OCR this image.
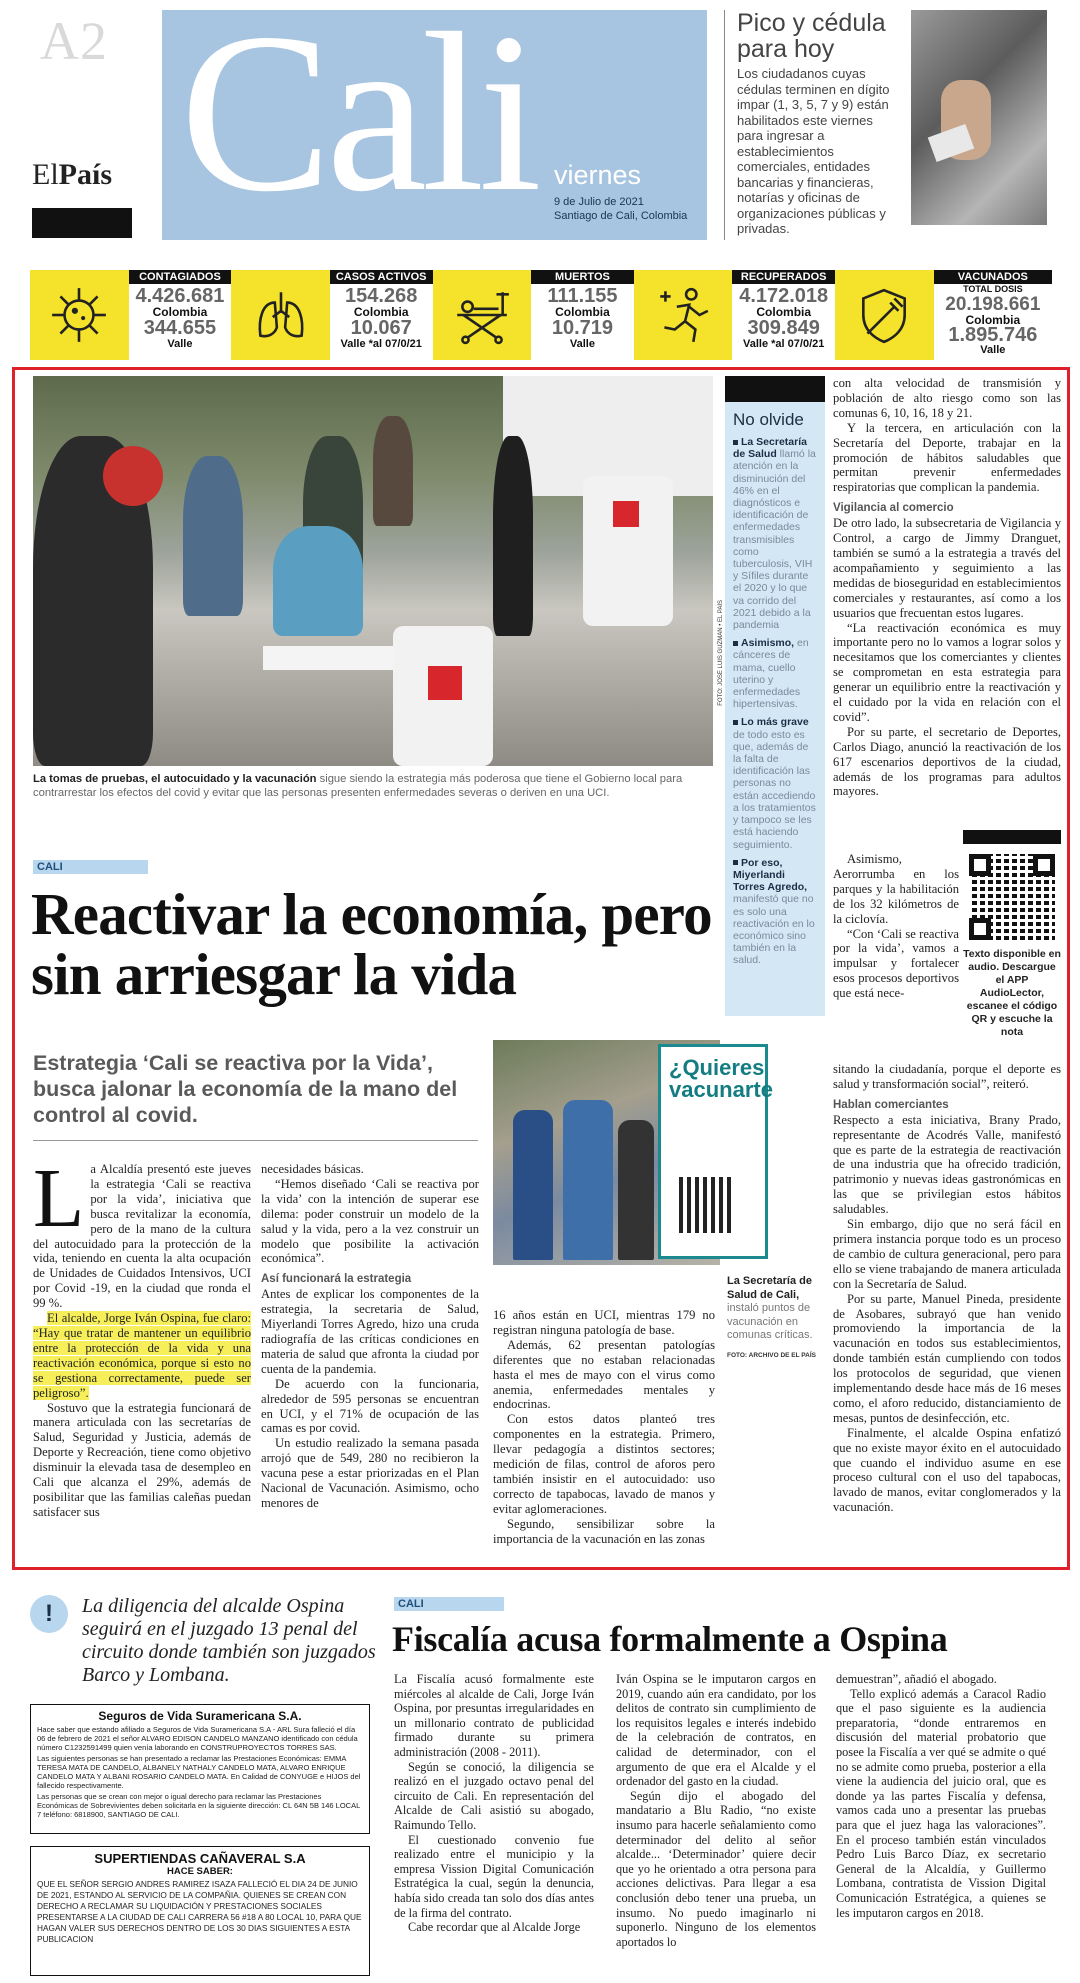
A2
ElPaís Cali viernes
9 de Julio de 2021
Santiago de Cali, Colombia
Pico y cédula para hoy

Los ciudadanos cuyas cédulas terminen en dígito impar (1, 3, 5, 7 y 9) están habilitados este viernes para ingresar a establecimientos comerciales, entidades bancarias y financieras, notarías y oficinas de organizaciones públicas y privadas.

CONTAGIADOS
4.426.681
Colombia
344.655
Valle
CASOS ACTIVOS
154.268
Colombia
10.067
Valle *al 07/0/21
MUERTOS
111.155
Colombia
10.719
Valle
RECUPERADOS
4.172.018
Colombia
309.849
Valle *al 07/0/21
VACUNADOS
TOTAL DOSIS
20.198.661
Colombia
1.895.746
Valle
FOTO: JOSÉ LUIS GUZMÁN • EL PAÍS
La tomas de pruebas, el autocuidado y la vacunación sigue siendo la estrategia más poderosa que tiene el Gobierno local para contrarrestar los efectos del covid y evitar que las personas presenten enfermedades severas o deriven en una UCI.
CALI
Reactivar la economía, pero sin arriesgar la vida
Estrategia ‘Cali se reactiva por la Vida’, busca jalonar la economía de la mano del control al covid.

La Alcaldía presentó este jueves la estrategia ‘Cali se reactiva por la vida’, iniciativa que busca revitalizar la economía, pero de la mano de la cultura del autocuidado para la protección de la vida, teniendo en cuenta la alta ocupación de Unidades de Cuidados Intensivos, UCI por Covid -19, en la ciudad que ronda el 99 %.

El alcalde, Jorge Iván Ospina, fue claro: “Hay que tratar de mantener un equilibrio entre la protección de la vida y una reactivación económica, porque si esto no se gestiona correctamente, puede ser peligroso”.

Sostuvo que la estrategia funcionará de manera articulada con las secretarías de Salud, Seguridad y Justicia, además de Deporte y Recreación, tiene como objetivo disminuir la elevada tasa de desempleo en Cali que alcanza el 29%, además de posibilitar que las familias caleñas puedan satisfacer sus

necesidades básicas.

“Hemos diseñado ‘Cali se reactiva por la vida’ con la intención de superar ese dilema: poder construir un modelo de la salud y la vida, pero a la vez construir un modelo que posibilite la activación económica”.

Así funcionará la estrategia

Antes de explicar los componentes de la estrategia, la secretaria de Salud, Miyerlandi Torres Agredo, hizo una cruda radiografía de las críticas condiciones en materia de salud que afronta la ciudad por cuenta de la pandemia.

De acuerdo con la funcionaria, alrededor de 595 personas se encuentran en UCI, y el 71% de ocupación de las camas es por covid.

Un estudio realizado la semana pasada arrojó que de 549, 280 no recibieron la vacuna pese a estar priorizadas en el Plan Nacional de Vacunación. Asimismo, ocho menores de

¿Quieres vacunarte
La Secretaría de Salud de Cali, instaló puntos de vacunación en comunas críticas.
FOTO: ARCHIVO DE EL PAÍS

16 años están en UCI, mientras 179 no registran ninguna patología de base.

Además, 62 presentan patologías diferentes que no estaban relacionadas hasta el mes de mayo con el virus como anemia, enfermedades mentales y endocrinas.

Con estos datos planteó tres componentes en la estrategia. Primero, llevar pedagogía a distintos sectores; medición de filas, control de aforos pero también insistir en el autocuidado: uso correcto de tapabocas, lavado de manos y evitar aglomeraciones.

Segundo, sensibilizar sobre la importancia de la vacunación en las zonas

No olvide
La Secretaría de Salud llamó la atención en la disminución del 46% en el diagnósticos e identificación de enfermedades transmisibles como tuberculosis, VIH y Sífiles durante el 2020 y lo que va corrido del 2021 debido a la pandemia
Asimismo, en cánceres de mama, cuello uterino y enfermedades hipertensivas.
Lo más grave de todo esto es que, además de la falta de identificación las personas no están accediendo a los tratamientos y tampoco se les está haciendo seguimiento.
Por eso, Miyerlandi Torres Agredo, manifestó que no es solo una reactivación en lo económico sino también en la salud.

con alta velocidad de transmisión y población de alto riesgo como son las comunas 6, 10, 16, 18 y 21.

Y la tercera, en articulación con la Secretaría del Deporte, trabajar en la promoción de hábitos saludables que permitan prevenir enfermedades respiratorias que complican la pandemia.

Vigilancia al comercio

De otro lado, la subsecretaria de Vigilancia y Control, a cargo de Jimmy Dranguet, también se sumó a la estrategia a través del acompañamiento y seguimiento a las medidas de bioseguridad en establecimientos comerciales y restaurantes, así como a los usuarios que frecuentan estos lugares.

“La reactivación económica es muy importante pero no lo vamos a lograr solos y necesitamos que los comerciantes y clientes se comprometan en esta estrategia para generar un equilibrio entre la reactivación y el cuidado por la vida en relación con el covid”.

Por su parte, el secretario de Deportes, Carlos Diago, anunció la reactivación de los 617 escenarios deportivos de la ciudad, además de los programas para adultos mayores.

Asimismo, Aerorrumba en los parques y la habilitación de los 32 kilómetros de la ciclovía.

“Con ‘Cali se reactiva por la vida’, vamos a impulsar y fortalecer esos procesos deportivos que está nece-

Texto disponible en audio. Descargue el APP AudioLector, escanee el código QR y escuche la nota

sitando la ciudadanía, porque el deporte es salud y transformación social”, reiteró.

Hablan comerciantes

Respecto a esta iniciativa, Brany Prado, representante de Acodrés Valle, manifestó que es parte de la estrategia de reactivación de una industria que ha ofrecido tradición, patrimonio y nuevas ideas gastronómicas en las que se privilegian estos hábitos saludables.

Sin embargo, dijo que no será fácil en primera instancia porque todo es un proceso de cambio de cultura generacional, pero para ello se viene trabajando de manera articulada con la Secretaría de Salud.

Por su parte, Manuel Pineda, presidente de Asobares, subrayó que han venido promoviendo la importancia de la vacunación en todos sus establecimientos, donde también están cumpliendo con todos los protocolos de seguridad, que vienen implementando desde hace más de 16 meses como, el aforo reducido, distanciamiento de mesas, puntos de desinfección, etc.

Finalmente, el alcalde Ospina enfatizó que no existe mayor éxito en el autocuidado que cuando el individuo asume en ese proceso cultural con el uso del tapabocas, lavado de manos, evitar conglomerados y la vacunación.

!	La diligencia del alcalde Ospina seguirá en el juzgado 13 penal del circuito donde también son juzgados Barco y Lombana.

Seguros de Vida Suramericana S.A.

Hace saber que estando afiliado a Seguros de Vida Suramericana S.A - ARL Sura falleció el día 06 de febrero de 2021 el señor ALVARO EDISON CANDELO MANZANO identificado con cédula número C1232591499 quien venía laborando en CONSTRUPROYECTOS TORRES SAS.

Las siguientes personas se han presentado a reclamar las Prestaciones Económicas: EMMA TERESA MATA DE CANDELO, ALBANELY NATHALY CANDELO MATA, ALVARO ENRIQUE CANDELO MATA Y ALBANI ROSARIO CANDELO MATA. En Calidad de CONYUGE e HIJOS del fallecido respectivamente.

Las personas que se crean con mejor o igual derecho para reclamar las Prestaciones Económicas de Sobrevivientes deben solicitarla en la siguiente dirección: CL 64N 5B 146 LOCAL 7 teléfono: 6818900, SANTIAGO DE CALI.

SUPERTIENDAS CAÑAVERAL S.A
HACE SABER:

QUE EL SEÑOR SERGIO ANDRES RAMIREZ ISAZA FALLECIÓ EL DIA 24 DE JUNIO DE 2021, ESTANDO AL SERVICIO DE LA COMPAÑIA. QUIENES SE CREAN CON DERECHO A RECLAMAR SU LIQUIDACIÓN Y PRESTACIONES SOCIALES PRESENTARSE A LA CIUDAD DE CALI CARRERA 56 #18 A 80 LOCAL 10, PARA QUE HAGAN VALER SUS DERECHOS DENTRO DE LOS 30 DIAS SIGUIENTES A ESTA PUBLICACION

CALI
Fiscalía acusa formalmente a Ospina

La Fiscalía acusó formalmente este miércoles al alcalde de Cali, Jorge Iván Ospina, por presuntas irregularidades en un millonario contrato de publicidad firmado durante su primera administración (2008 - 2011).

Según se conoció, la diligencia se realizó en el juzgado octavo penal del circuito de Cali. En representación del Alcalde de Cali asistió su abogado, Raimundo Tello.

El cuestionado convenio fue realizado entre el municipio y la empresa Vission Digital Comunicación Estratégica la cual, según la denuncia, había sido creada tan solo dos días antes de la firma del contrato.

Cabe recordar que al Alcalde Jorge

Iván Ospina se le imputaron cargos en 2019, cuando aún era candidato, por los delitos de contrato sin cumplimiento de los requisitos legales e interés indebido de la celebración de contratos, en calidad de determinador, con el argumento de que era el Alcalde y el ordenador del gasto en la ciudad.

Según dijo el abogado del mandatario a Blu Radio, “no existe insumo para hacerle señalamiento como determinador del delito al señor alcalde... ‘Determinador’ quiere decir que yo he orientado a otra persona para acciones delictivas. Para llegar a esa conclusión debo tener una prueba, un insumo. No puedo imaginarlo ni suponerlo. Ninguno de los elementos aportados lo

demuestran”, añadió el abogado.

Tello explicó además a Caracol Radio que el paso siguiente es la audiencia preparatoria, “donde entraremos en discusión del material probatorio que posee la Fiscalía a ver qué se admite o qué no se admite como prueba, posterior a ella viene la audiencia del juicio oral, que es donde ya las partes Fiscalía y defensa, vamos cada uno a presentar las pruebas para que el juez haga las valoraciones”. En el proceso también están vinculados Pedro Luis Barco Díaz, ex secretario General de la Alcaldía, y Guillermo Lombana, contratista de Vission Digital Comunicación Estratégica, a quienes se les imputaron cargos en 2018.
